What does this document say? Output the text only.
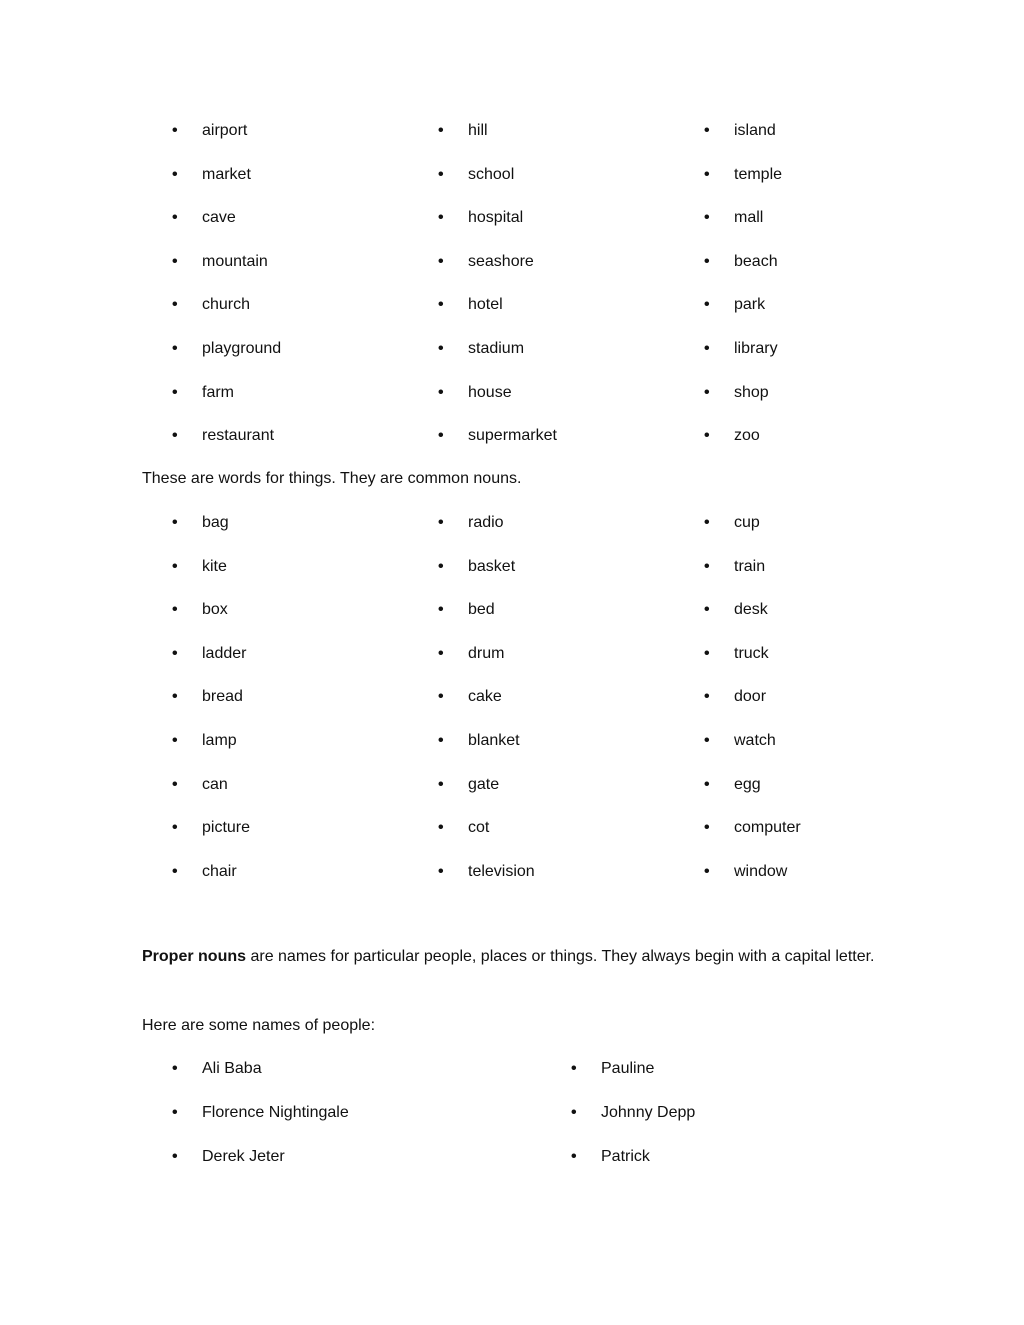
• airport
• market
• cave
• mountain
• church
• playground
• farm
• restaurant
• hill
• school
• hospital
• seashore
• hotel
• stadium
• house
• supermarket
• island
• temple
• mall
• beach
• park
• library
• shop
• zoo

These are words for things. They are common nouns.

• bag
• kite
• box
• ladder
• bread
• lamp
• can
• picture
• chair
• radio
• basket
• bed
• drum
• cake
• blanket
• gate
• cot
• television
• cup
• train
• desk
• truck
• door
• watch
• egg
• computer
• window

Proper nouns are names for particular people, places or things. They always begin with a capital letter.

Here are some names of people:

• Ali Baba
• Florence Nightingale
• Derek Jeter
• Pauline
• Johnny Depp
• Patrick
